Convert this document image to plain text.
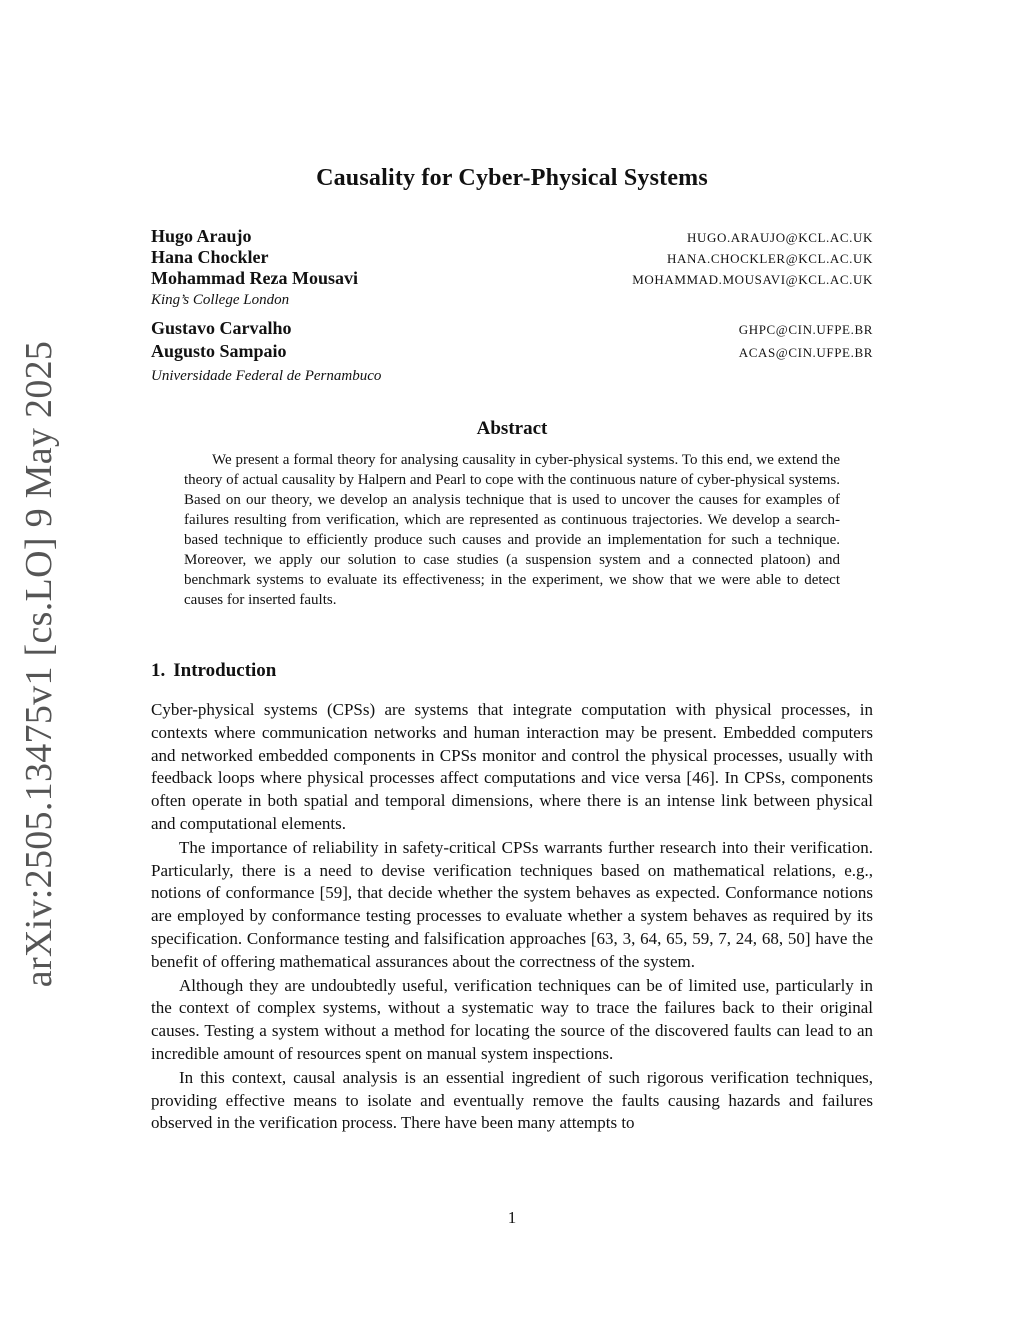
arXiv:2505.13475v1 [cs.LO] 9 May 2025
Causality for Cyber-Physical Systems
Hugo Araujo	HUGO.ARAUJO@KCL.AC.UK
Hana Chockler	HANA.CHOCKLER@KCL.AC.UK
Mohammad Reza Mousavi	MOHAMMAD.MOUSAVI@KCL.AC.UK
King’s College London
Gustavo Carvalho	GHPC@CIN.UFPE.BR
Augusto Sampaio	ACAS@CIN.UFPE.BR
Universidade Federal de Pernambuco
Abstract

We present a formal theory for analysing causality in cyber-physical systems. To this end, we extend the theory of actual causality by Halpern and Pearl to cope with the continuous nature of cyber-physical systems. Based on our theory, we develop an analysis technique that is used to uncover the causes for examples of failures resulting from verification, which are represented as continuous trajectories. We develop a search-based technique to efficiently produce such causes and provide an implementation for such a technique. Moreover, we apply our solution to case studies (a suspension system and a connected platoon) and benchmark systems to evaluate its effectiveness; in the experiment, we show that we were able to detect causes for inserted faults.

1. Introduction

Cyber-physical systems (CPSs) are systems that integrate computation with physical processes, in contexts where communication networks and human interaction may be present. Embedded computers and networked embedded components in CPSs monitor and control the physical processes, usually with feedback loops where physical processes affect computations and vice versa [46]. In CPSs, components often operate in both spatial and temporal dimensions, where there is an intense link between physical and computational elements.

The importance of reliability in safety-critical CPSs warrants further research into their verification. Particularly, there is a need to devise verification techniques based on mathematical relations, e.g., notions of conformance [59], that decide whether the system behaves as expected. Conformance notions are employed by conformance testing processes to evaluate whether a system behaves as required by its specification. Conformance testing and falsification approaches [63, 3, 64, 65, 59, 7, 24, 68, 50] have the benefit of offering mathematical assurances about the correctness of the system.

Although they are undoubtedly useful, verification techniques can be of limited use, particularly in the context of complex systems, without a systematic way to trace the failures back to their original causes. Testing a system without a method for locating the source of the discovered faults can lead to an incredible amount of resources spent on manual system inspections.

In this context, causal analysis is an essential ingredient of such rigorous verification techniques, providing effective means to isolate and eventually remove the faults causing hazards and failures observed in the verification process. There have been many attempts to

1
